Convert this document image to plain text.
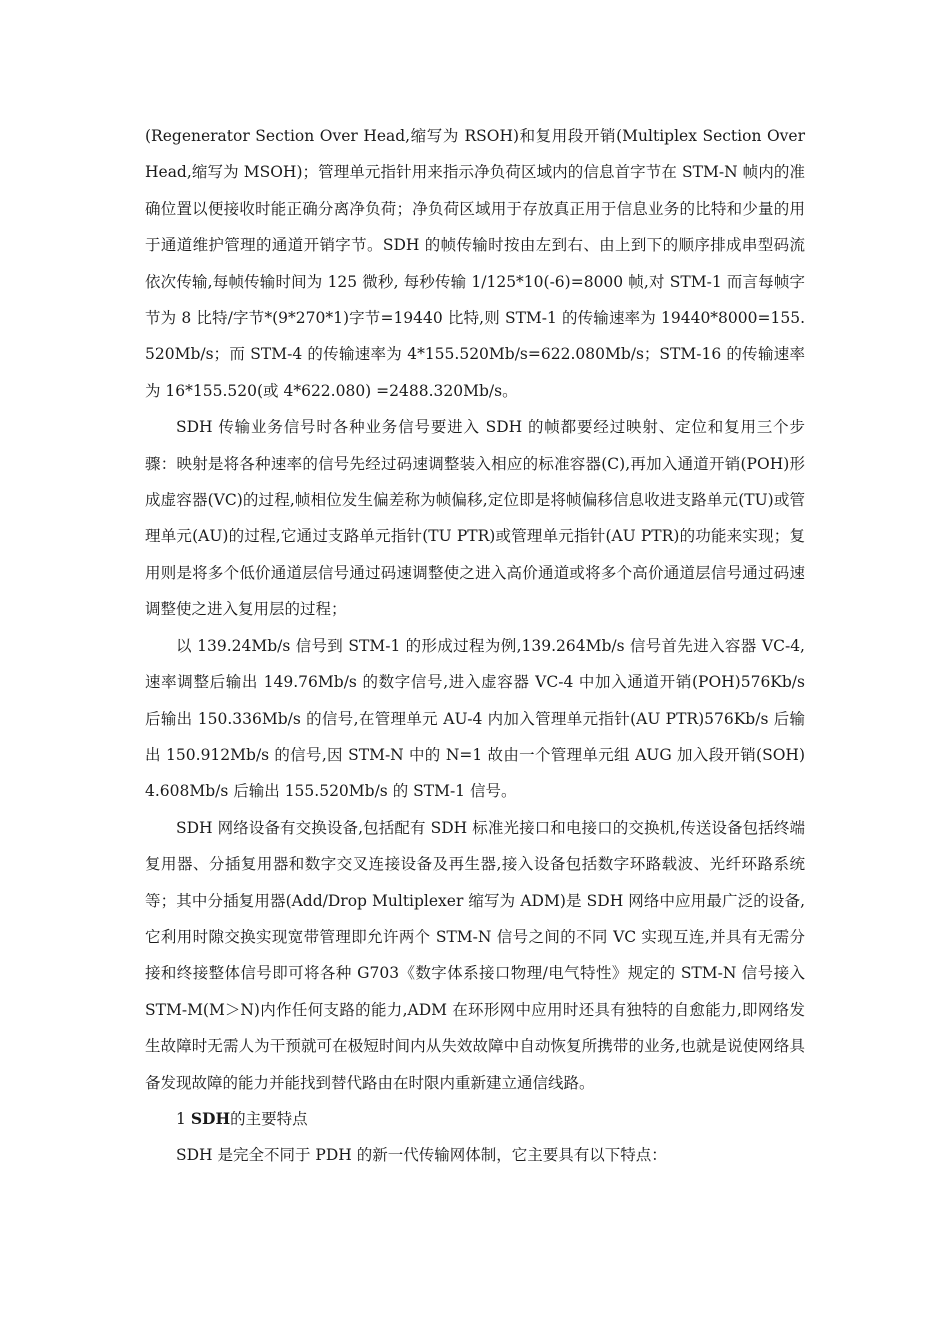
(Regenerator Section Over Head,缩写为 RSOH)和复用段开销(Multiplex Section Over Head,缩写为 MSOH)；管理单元指针用来指示净负荷区域内的信息首字节在 STM-N 帧内的准确位置以便接收时能正确分离净负荷；净负荷区域用于存放真正用于信息业务的比特和少量的用于通道维护管理的通道开销字节。SDH 的帧传输时按由左到右、由上到下的顺序排成串型码流依次传输,每帧传输时间为 125 微秒, 每秒传输 1/125*10(-6)=8000 帧,对 STM-1 而言每帧字节为 8 比特/字节*(9*270*1)字节=19440 比特,则 STM-1 的传输速率为 19440*8000=155.520Mb/s；而 STM-4 的传输速率为 4*155.520Mb/s=622.080Mb/s；STM-16 的传输速率为 16*155.520(或 4*622.080) =2488.320Mb/s。

SDH 传输业务信号时各种业务信号要进入 SDH 的帧都要经过映射、定位和复用三个步骤：映射是将各种速率的信号先经过码速调整装入相应的标准容器(C),再加入通道开销(POH)形成虚容器(VC)的过程,帧相位发生偏差称为帧偏移,定位即是将帧偏移信息收进支路单元(TU)或管理单元(AU)的过程,它通过支路单元指针(TU PTR)或管理单元指针(AU PTR)的功能来实现；复用则是将多个低价通道层信号通过码速调整使之进入高价通道或将多个高价通道层信号通过码速调整使之进入复用层的过程；

以 139.24Mb/s 信号到 STM-1 的形成过程为例,139.264Mb/s 信号首先进入容器 VC-4,速率调整后输出 149.76Mb/s 的数字信号,进入虚容器 VC-4 中加入通道开销(POH)576Kb/s 后输出 150.336Mb/s 的信号,在管理单元 AU-4 内加入管理单元指针(AU PTR)576Kb/s 后输出 150.912Mb/s 的信号,因 STM-N 中的 N=1 故由一个管理单元组 AUG 加入段开销(SOH)4.608Mb/s 后输出 155.520Mb/s 的 STM-1 信号。

SDH 网络设备有交换设备,包括配有 SDH 标准光接口和电接口的交换机,传送设备包括终端复用器、分插复用器和数字交叉连接设备及再生器,接入设备包括数字环路载波、光纤环路系统等；其中分插复用器(Add/Drop Multiplexer 缩写为 ADM)是 SDH 网络中应用最广泛的设备,它利用时隙交换实现宽带管理即允许两个 STM-N 信号之间的不同 VC 实现互连,并具有无需分接和终接整体信号即可将各种 G703《数字体系接口物理/电气特性》规定的 STM-N 信号接入 STM-M(M＞N)内作任何支路的能力,ADM 在环形网中应用时还具有独特的自愈能力,即网络发生故障时无需人为干预就可在极短时间内从失效故障中自动恢复所携带的业务,也就是说使网络具备发现故障的能力并能找到替代路由在时限内重新建立通信线路。

1 SDH的主要特点

SDH 是完全不同于 PDH 的新一代传输网体制，它主要具有以下特点：
